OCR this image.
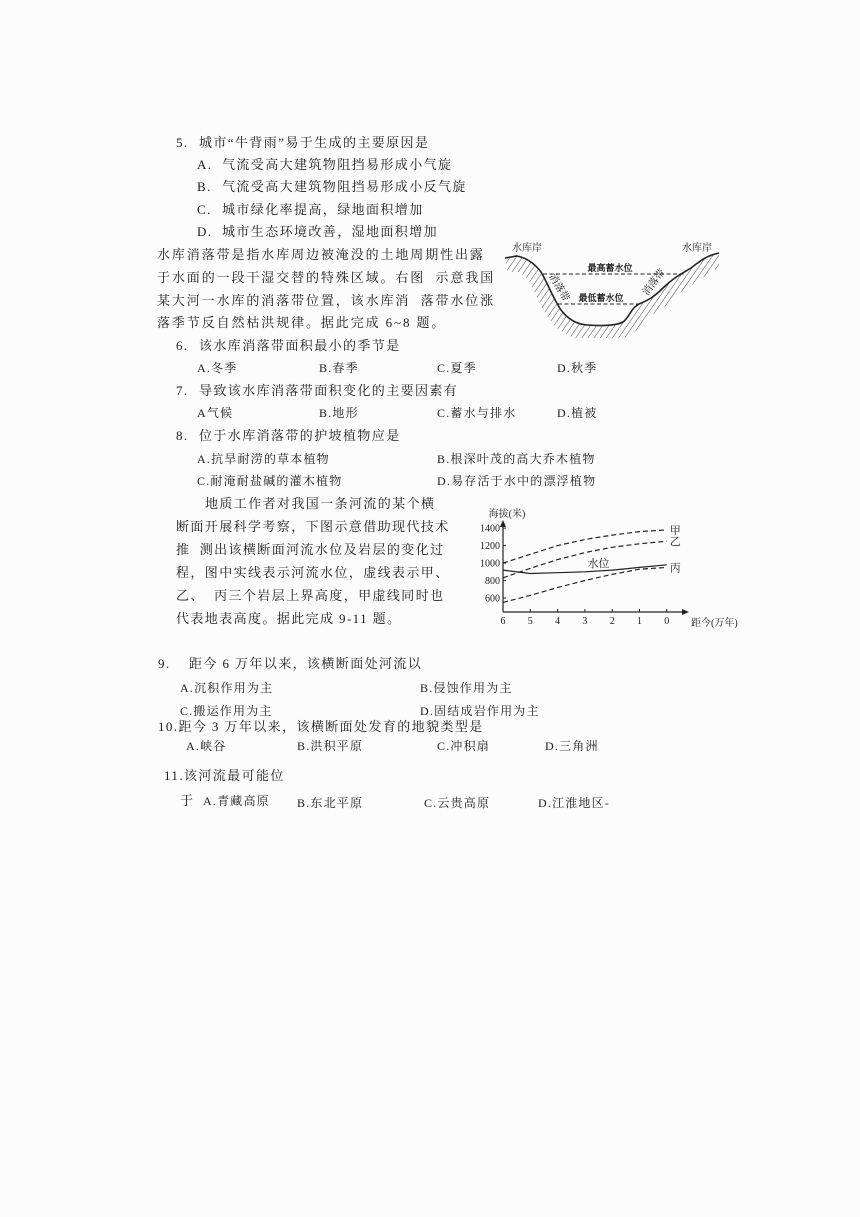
5. 城市“牛背雨”易于生成的主要原因是
A. 气流受高大建筑物阻挡易形成小气旋
B. 气流受高大建筑物阻挡易形成小反气旋
C. 城市绿化率提高，绿地面积增加
D. 城市生态环境改善，湿地面积增加
水库消落带是指水库周边被淹没的土地周期性出露
于水面的一段干湿交替的特殊区域。右图  示意我国
某大河一水库的消落带位置，该水库消  落带水位涨
落季节反自然枯洪规律。据此完成 6~8 题。
水库岸	水库岸
最高蓄水位
最低蓄水位
消落带	消落带
6. 该水库消落带面积最小的季节是
A.冬季	B.春季	C.夏季	D.秋季
7. 导致该水库消落带面积变化的主要因素有
A气候	B.地形	C.蓄水与排水	D.植被
8. 位于水库消落带的护坡植物应是
A.抗旱耐涝的草本植物	B.根深叶茂的高大乔木植物
C.耐淹耐盐碱的灌木植物	D.易存活于水中的漂浮植物
地质工作者对我国一条河流的某个横
断面开展科学考察，下图示意借助现代技术
推  测出该横断面河流水位及岩层的变化过
程，图中实线表示河流水位，虚线表示甲、
乙、  丙三个岩层上界高度，甲虚线同时也
代表地表高度。据此完成 9-11 题。
1400
1200
1000
800
600
6 5 4 3 2 1 0
海拔(米)
距今(万年)
甲
乙
水位	丙
9. 距今 6 万年以来，该横断面处河流以
A.沉积作用为主	B.侵蚀作用为主
C.搬运作用为主	D.固结成岩作用为主
10.距今 3 万年以来，该横断面处发育的地貌类型是
A.峡谷	B.洪积平原	C.冲积扇	D.三角洲
11.该河流最可能位
于 A.青藏高原 B.东北平原	C.云贵高原	D.江淮地区-
